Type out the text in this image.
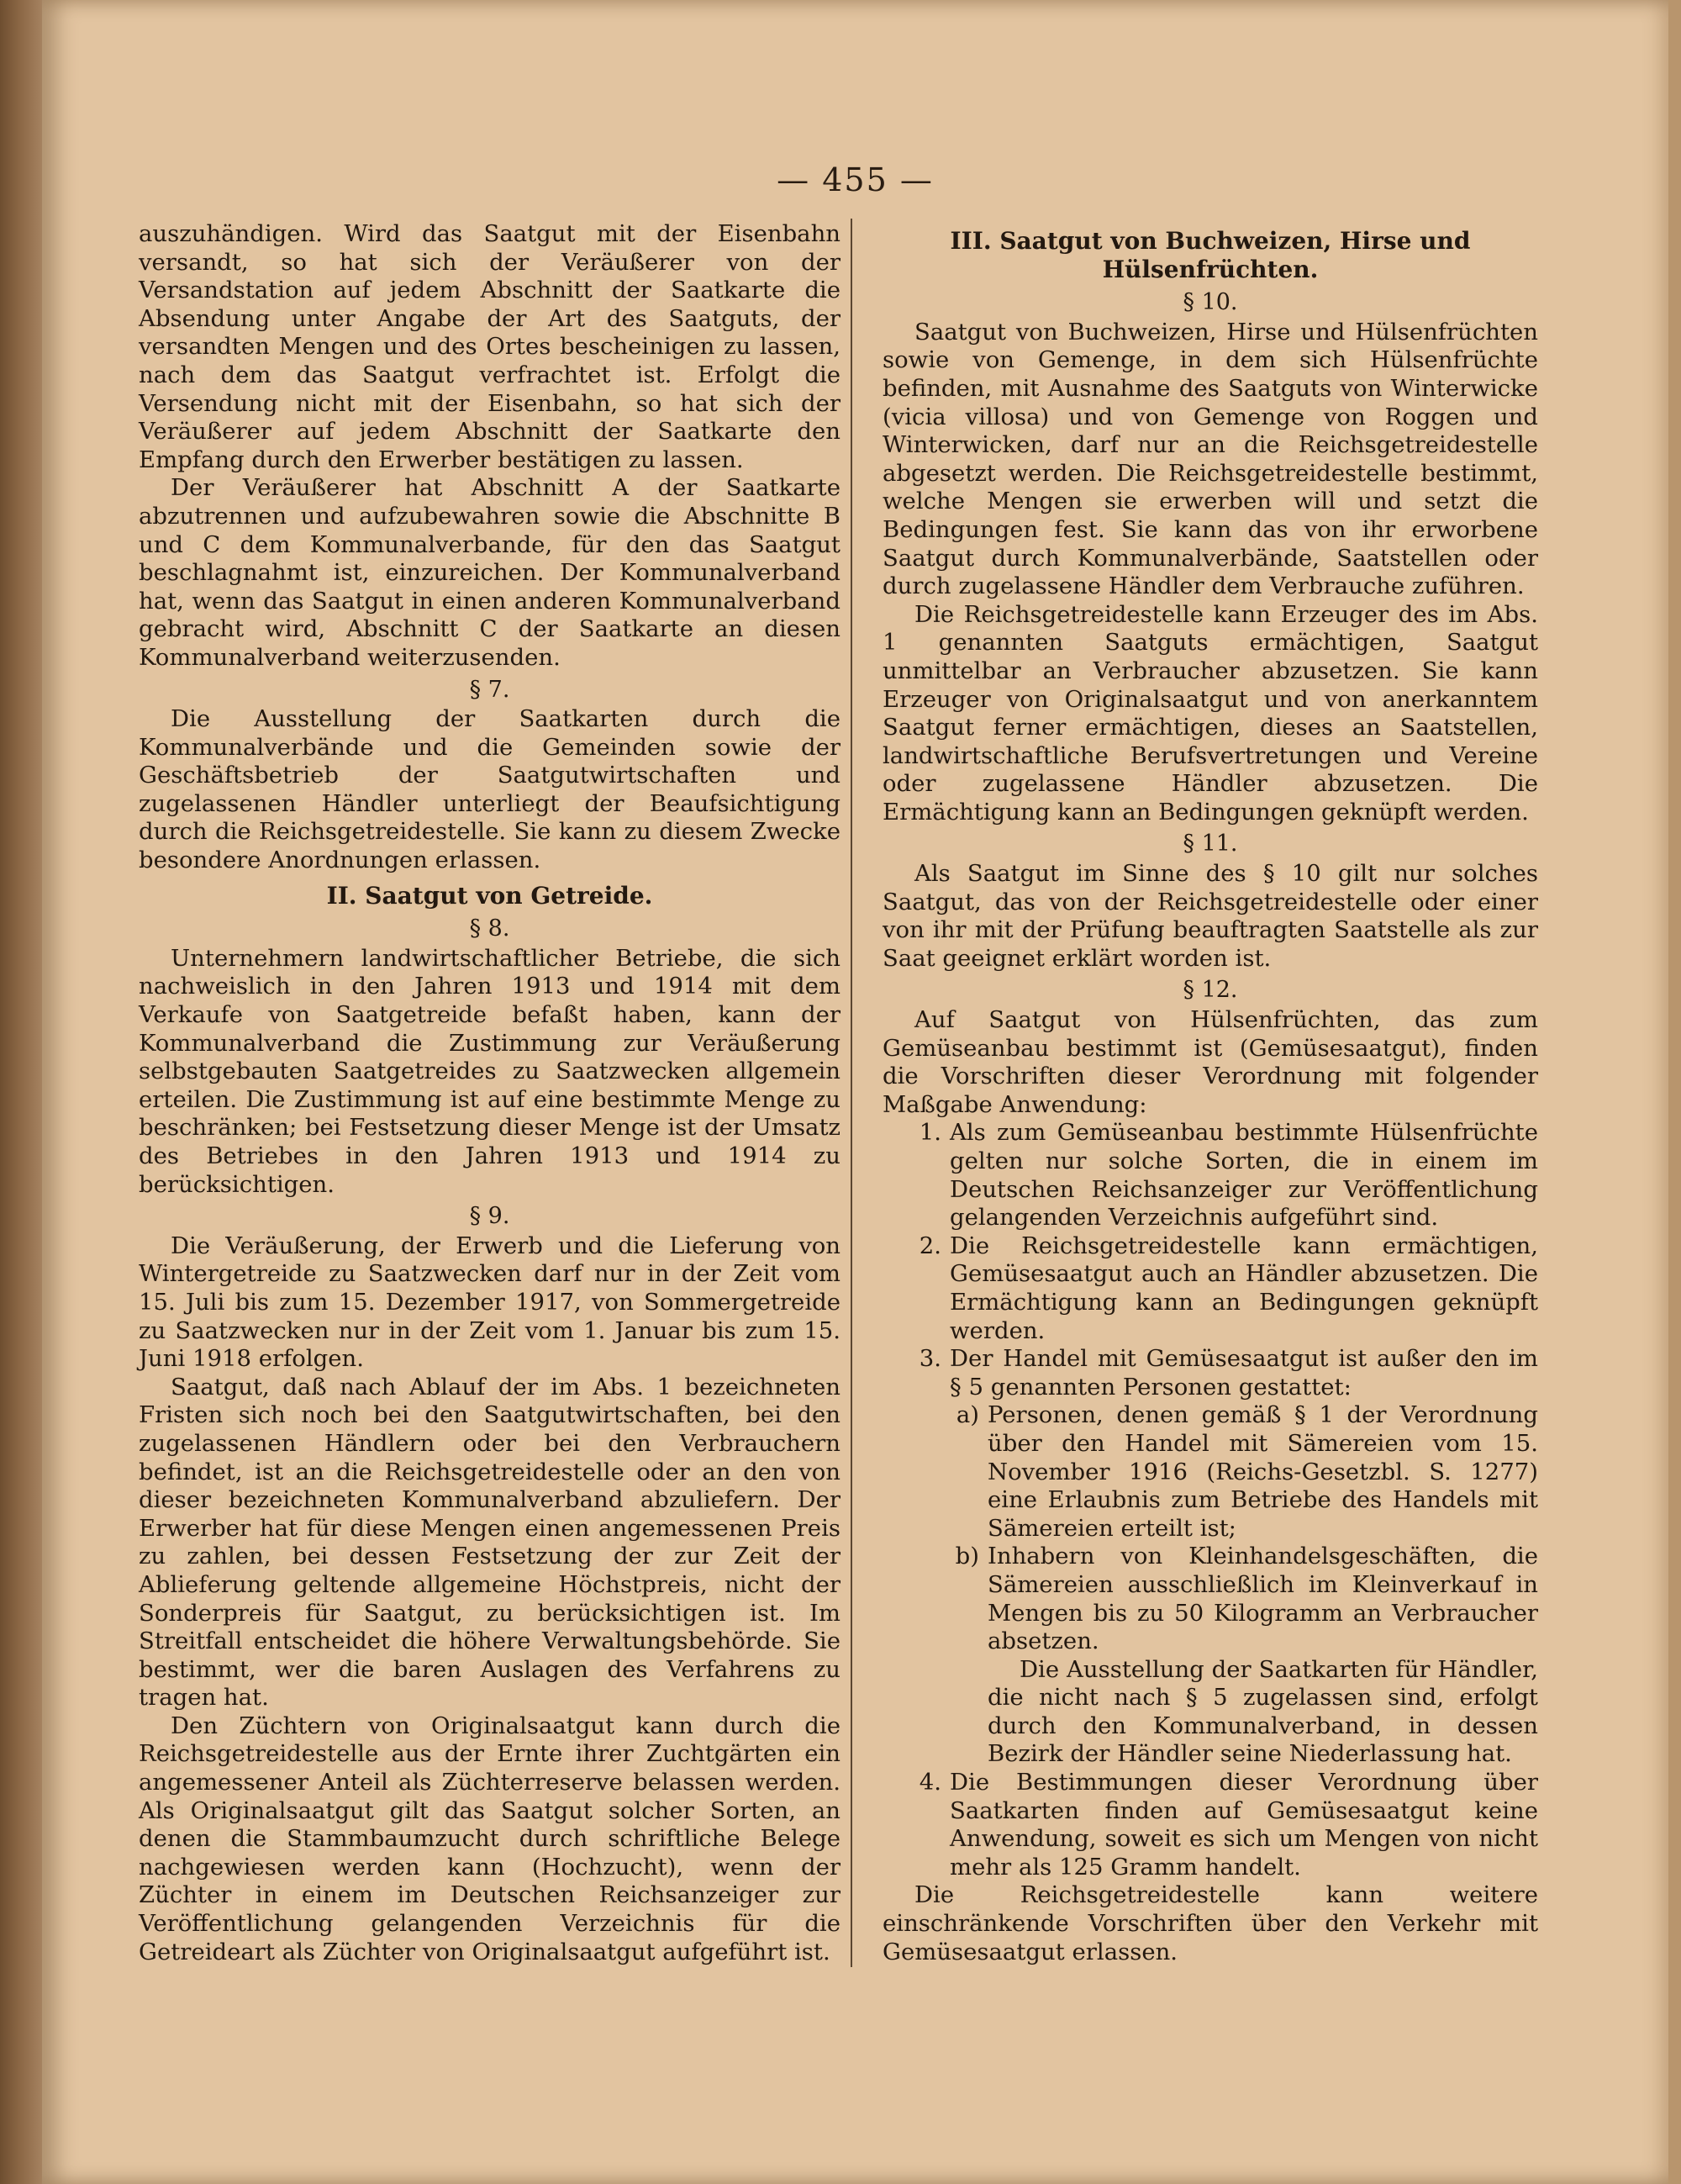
— 455 —

auszuhändigen. Wird das Saatgut mit der Eisenbahn versandt, so hat sich der Veräußerer von der Versandstation auf jedem Abschnitt der Saatkarte die Absendung unter Angabe der Art des Saatguts, der versandten Mengen und des Ortes bescheinigen zu lassen, nach dem das Saatgut verfrachtet ist. Erfolgt die Versendung nicht mit der Eisenbahn, so hat sich der Veräußerer auf jedem Abschnitt der Saatkarte den Empfang durch den Erwerber bestätigen zu lassen.

Der Veräußerer hat Abschnitt A der Saatkarte abzutrennen und aufzubewahren sowie die Abschnitte B und C dem Kommunalverbande, für den das Saatgut beschlagnahmt ist, einzureichen. Der Kommunalverband hat, wenn das Saatgut in einen anderen Kommunalverband gebracht wird, Abschnitt C der Saatkarte an diesen Kommunalverband weiterzusenden.

§ 7.

Die Ausstellung der Saatkarten durch die Kommunalverbände und die Gemeinden sowie der Geschäftsbetrieb der Saatgutwirtschaften und zugelassenen Händler unterliegt der Beaufsichtigung durch die Reichsgetreidestelle. Sie kann zu diesem Zwecke besondere Anordnungen erlassen.

II. Saatgut von Getreide.
§ 8.

Unternehmern landwirtschaftlicher Betriebe, die sich nachweislich in den Jahren 1913 und 1914 mit dem Verkaufe von Saatgetreide befaßt haben, kann der Kommunalverband die Zustimmung zur Veräußerung selbstgebauten Saatgetreides zu Saatzwecken allgemein erteilen. Die Zustimmung ist auf eine bestimmte Menge zu beschränken; bei Festsetzung dieser Menge ist der Umsatz des Betriebes in den Jahren 1913 und 1914 zu berücksichtigen.

§ 9.

Die Veräußerung, der Erwerb und die Lieferung von Wintergetreide zu Saatzwecken darf nur in der Zeit vom 15. Juli bis zum 15. Dezember 1917, von Sommergetreide zu Saatzwecken nur in der Zeit vom 1. Januar bis zum 15. Juni 1918 erfolgen.

Saatgut, daß nach Ablauf der im Abs. 1 bezeichneten Fristen sich noch bei den Saatgutwirtschaften, bei den zugelassenen Händlern oder bei den Verbrauchern befindet, ist an die Reichsgetreidestelle oder an den von dieser bezeichneten Kommunalverband abzuliefern. Der Erwerber hat für diese Mengen einen angemessenen Preis zu zahlen, bei dessen Festsetzung der zur Zeit der Ablieferung geltende allgemeine Höchstpreis, nicht der Sonderpreis für Saatgut, zu berücksichtigen ist. Im Streitfall entscheidet die höhere Verwaltungsbehörde. Sie bestimmt, wer die baren Auslagen des Verfahrens zu tragen hat.

Den Züchtern von Originalsaatgut kann durch die Reichsgetreidestelle aus der Ernte ihrer Zuchtgärten ein angemessener Anteil als Züchterreserve belassen werden. Als Originalsaatgut gilt das Saatgut solcher Sorten, an denen die Stammbaumzucht durch schriftliche Belege nachgewiesen werden kann (Hochzucht), wenn der Züchter in einem im Deutschen Reichsanzeiger zur Veröffentlichung gelangenden Verzeichnis für die Getreideart als Züchter von Originalsaatgut aufgeführt ist.

III. Saatgut von Buchweizen, Hirse und Hülsenfrüchten.
§ 10.

Saatgut von Buchweizen, Hirse und Hülsenfrüchten sowie von Gemenge, in dem sich Hülsenfrüchte befinden, mit Ausnahme des Saatguts von Winterwicke (vicia villosa) und von Gemenge von Roggen und Winterwicken, darf nur an die Reichsgetreidestelle abgesetzt werden. Die Reichsgetreidestelle bestimmt, welche Mengen sie erwerben will und setzt die Bedingungen fest. Sie kann das von ihr erworbene Saatgut durch Kommunalverbände, Saatstellen oder durch zugelassene Händler dem Verbrauche zuführen.

Die Reichsgetreidestelle kann Erzeuger des im Abs. 1 genannten Saatguts ermächtigen, Saatgut unmittelbar an Verbraucher abzusetzen. Sie kann Erzeuger von Originalsaatgut und von anerkanntem Saatgut ferner ermächtigen, dieses an Saatstellen, landwirtschaftliche Berufsvertretungen und Vereine oder zugelassene Händler abzusetzen. Die Ermächtigung kann an Bedingungen geknüpft werden.

§ 11.

Als Saatgut im Sinne des § 10 gilt nur solches Saatgut, das von der Reichsgetreidestelle oder einer von ihr mit der Prüfung beauftragten Saatstelle als zur Saat geeignet erklärt worden ist.

§ 12.

Auf Saatgut von Hülsenfrüchten, das zum Gemüseanbau bestimmt ist (Gemüsesaatgut), finden die Vorschriften dieser Verordnung mit folgender Maßgabe Anwendung:

1. Als zum Gemüseanbau bestimmte Hülsenfrüchte gelten nur solche Sorten, die in einem im Deutschen Reichsanzeiger zur Veröffentlichung gelangenden Verzeichnis aufgeführt sind.
2. Die Reichsgetreidestelle kann ermächtigen, Gemüsesaatgut auch an Händler abzusetzen. Die Ermächtigung kann an Bedingungen geknüpft werden.
3. Der Handel mit Gemüsesaatgut ist außer den im § 5 genannten Personen gestattet:
a) Personen, denen gemäß § 1 der Verordnung über den Handel mit Sämereien vom 15. November 1916 (Reichs-Gesetzbl. S. 1277) eine Erlaubnis zum Betriebe des Handels mit Sämereien erteilt ist;
b) Inhabern von Kleinhandelsgeschäften, die Sämereien ausschließlich im Kleinverkauf in Mengen bis zu 50 Kilogramm an Verbraucher absetzen.

Die Ausstellung der Saatkarten für Händler, die nicht nach § 5 zugelassen sind, erfolgt durch den Kommunalverband, in dessen Bezirk der Händler seine Niederlassung hat.

4. Die Bestimmungen dieser Verordnung über Saatkarten finden auf Gemüsesaatgut keine Anwendung, soweit es sich um Mengen von nicht mehr als 125 Gramm handelt.

Die Reichsgetreidestelle kann weitere einschränkende Vorschriften über den Verkehr mit Gemüsesaatgut erlassen.
